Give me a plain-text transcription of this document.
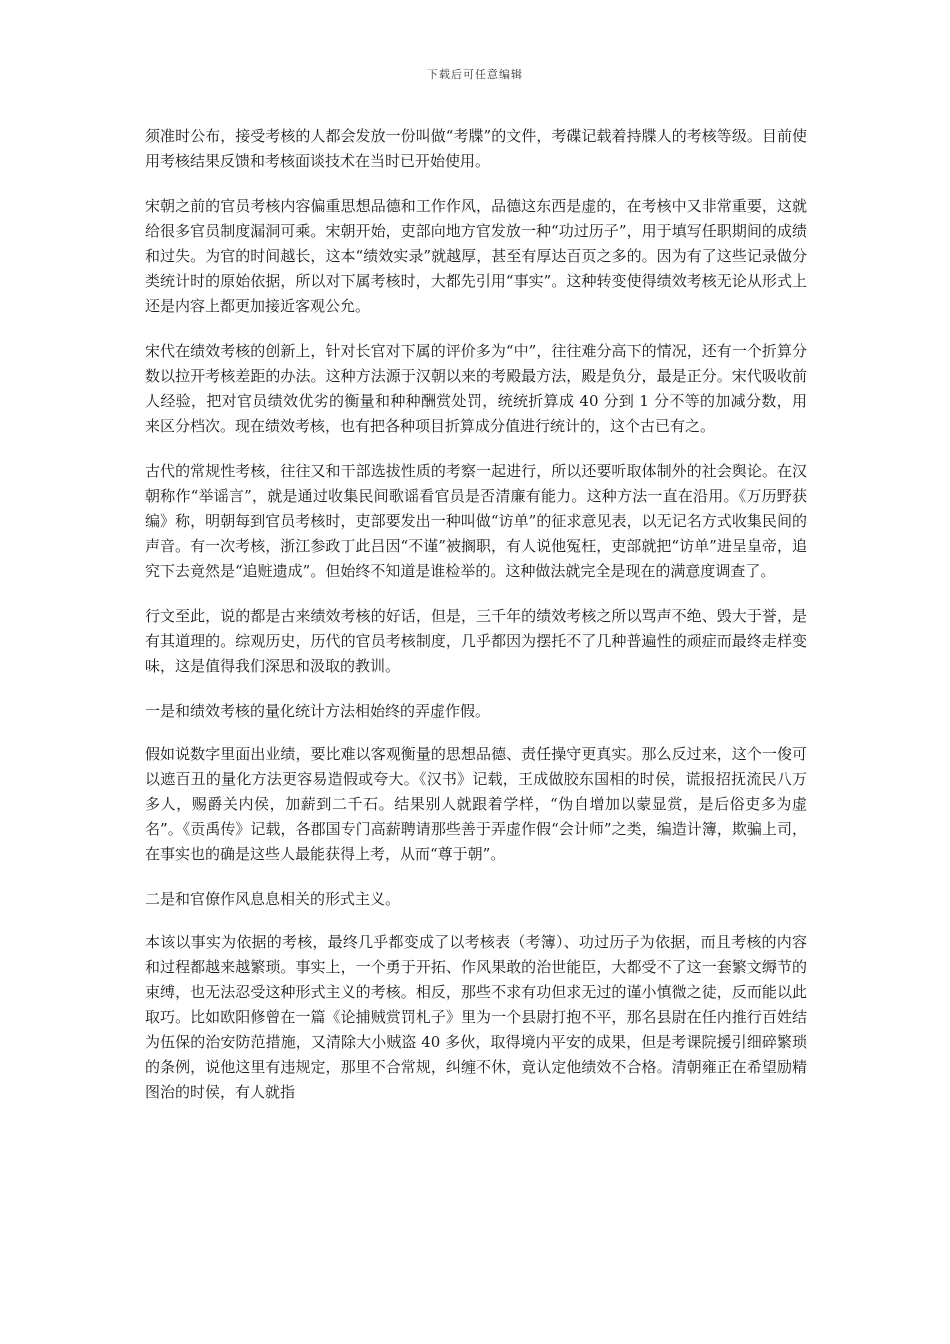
下载后可任意编辑

须准时公布，接受考核的人都会发放一份叫做“考牒”的文件，考碟记载着持牒人的考核等级。目前使用考核结果反馈和考核面谈技术在当时已开始使用。

宋朝之前的官员考核内容偏重思想品德和工作作风，品德这东西是虚的，在考核中又非常重要，这就给很多官员制度漏洞可乘。宋朝开始，吏部向地方官发放一种“功过历子”，用于填写任职期间的成绩和过失。为官的时间越长，这本“绩效实录”就越厚，甚至有厚达百页之多的。因为有了这些记录做分类统计时的原始依据，所以对下属考核时，大都先引用“事实”。这种转变使得绩效考核无论从形式上还是内容上都更加接近客观公允。

宋代在绩效考核的创新上，针对长官对下属的评价多为“中”，往往难分高下的情况，还有一个折算分数以拉开考核差距的办法。这种方法源于汉朝以来的考殿最方法，殿是负分，最是正分。宋代吸收前人经验，把对官员绩效优劣的衡量和种种酬赏处罚，统统折算成 40 分到 1 分不等的加减分数，用来区分档次。现在绩效考核，也有把各种项目折算成分值进行统计的，这个古已有之。

古代的常规性考核，往往又和干部选拔性质的考察一起进行，所以还要听取体制外的社会舆论。在汉朝称作“举谣言”，就是通过收集民间歌谣看官员是否清廉有能力。这种方法一直在沿用。《万历野获编》称，明朝每到官员考核时，吏部要发出一种叫做“访单”的征求意见表，以无记名方式收集民间的声音。有一次考核，浙江参政丁此吕因“不谨”被搁职，有人说他冤枉，吏部就把“访单”进呈皇帝，追究下去竟然是“追赃遗成”。但始终不知道是谁检举的。这种做法就完全是现在的满意度调查了。

行文至此，说的都是古来绩效考核的好话，但是，三千年的绩效考核之所以骂声不绝、毁大于誉，是有其道理的。综观历史，历代的官员考核制度，几乎都因为摆托不了几种普遍性的顽症而最终走样变味，这是值得我们深思和汲取的教训。

一是和绩效考核的量化统计方法相始终的弄虚作假。

假如说数字里面出业绩，要比难以客观衡量的思想品德、责任操守更真实。那么反过来，这个一俊可以遮百丑的量化方法更容易造假或夸大。《汉书》记载，王成做胶东国相的时侯，谎报招抚流民八万多人，赐爵关内侯，加薪到二千石。结果别人就跟着学样，“伪自增加以蒙显赏，是后俗吏多为虚名”。《贡禹传》记载，各郡国专门高薪聘请那些善于弄虚作假“会计师”之类，编造计簿，欺骗上司，在事实也的确是这些人最能获得上考，从而“尊于朝”。

二是和官僚作风息息相关的形式主义。

本该以事实为依据的考核，最终几乎都变成了以考核表（考簿）、功过历子为依据，而且考核的内容和过程都越来越繁琐。事实上，一个勇于开拓、作风果敢的治世能臣，大都受不了这一套繁文缛节的束缚，也无法忍受这种形式主义的考核。相反，那些不求有功但求无过的谨小慎微之徒，反而能以此取巧。比如欧阳修曾在一篇《论捕贼赏罚札子》里为一个县尉打抱不平，那名县尉在任内推行百姓结为伍保的治安防范措施，又清除大小贼盗 40 多伙，取得境内平安的成果，但是考课院援引细碎繁琐的条例，说他这里有违规定，那里不合常规，纠缠不休，竟认定他绩效不合格。清朝雍正在希望励精图治的时侯，有人就指
